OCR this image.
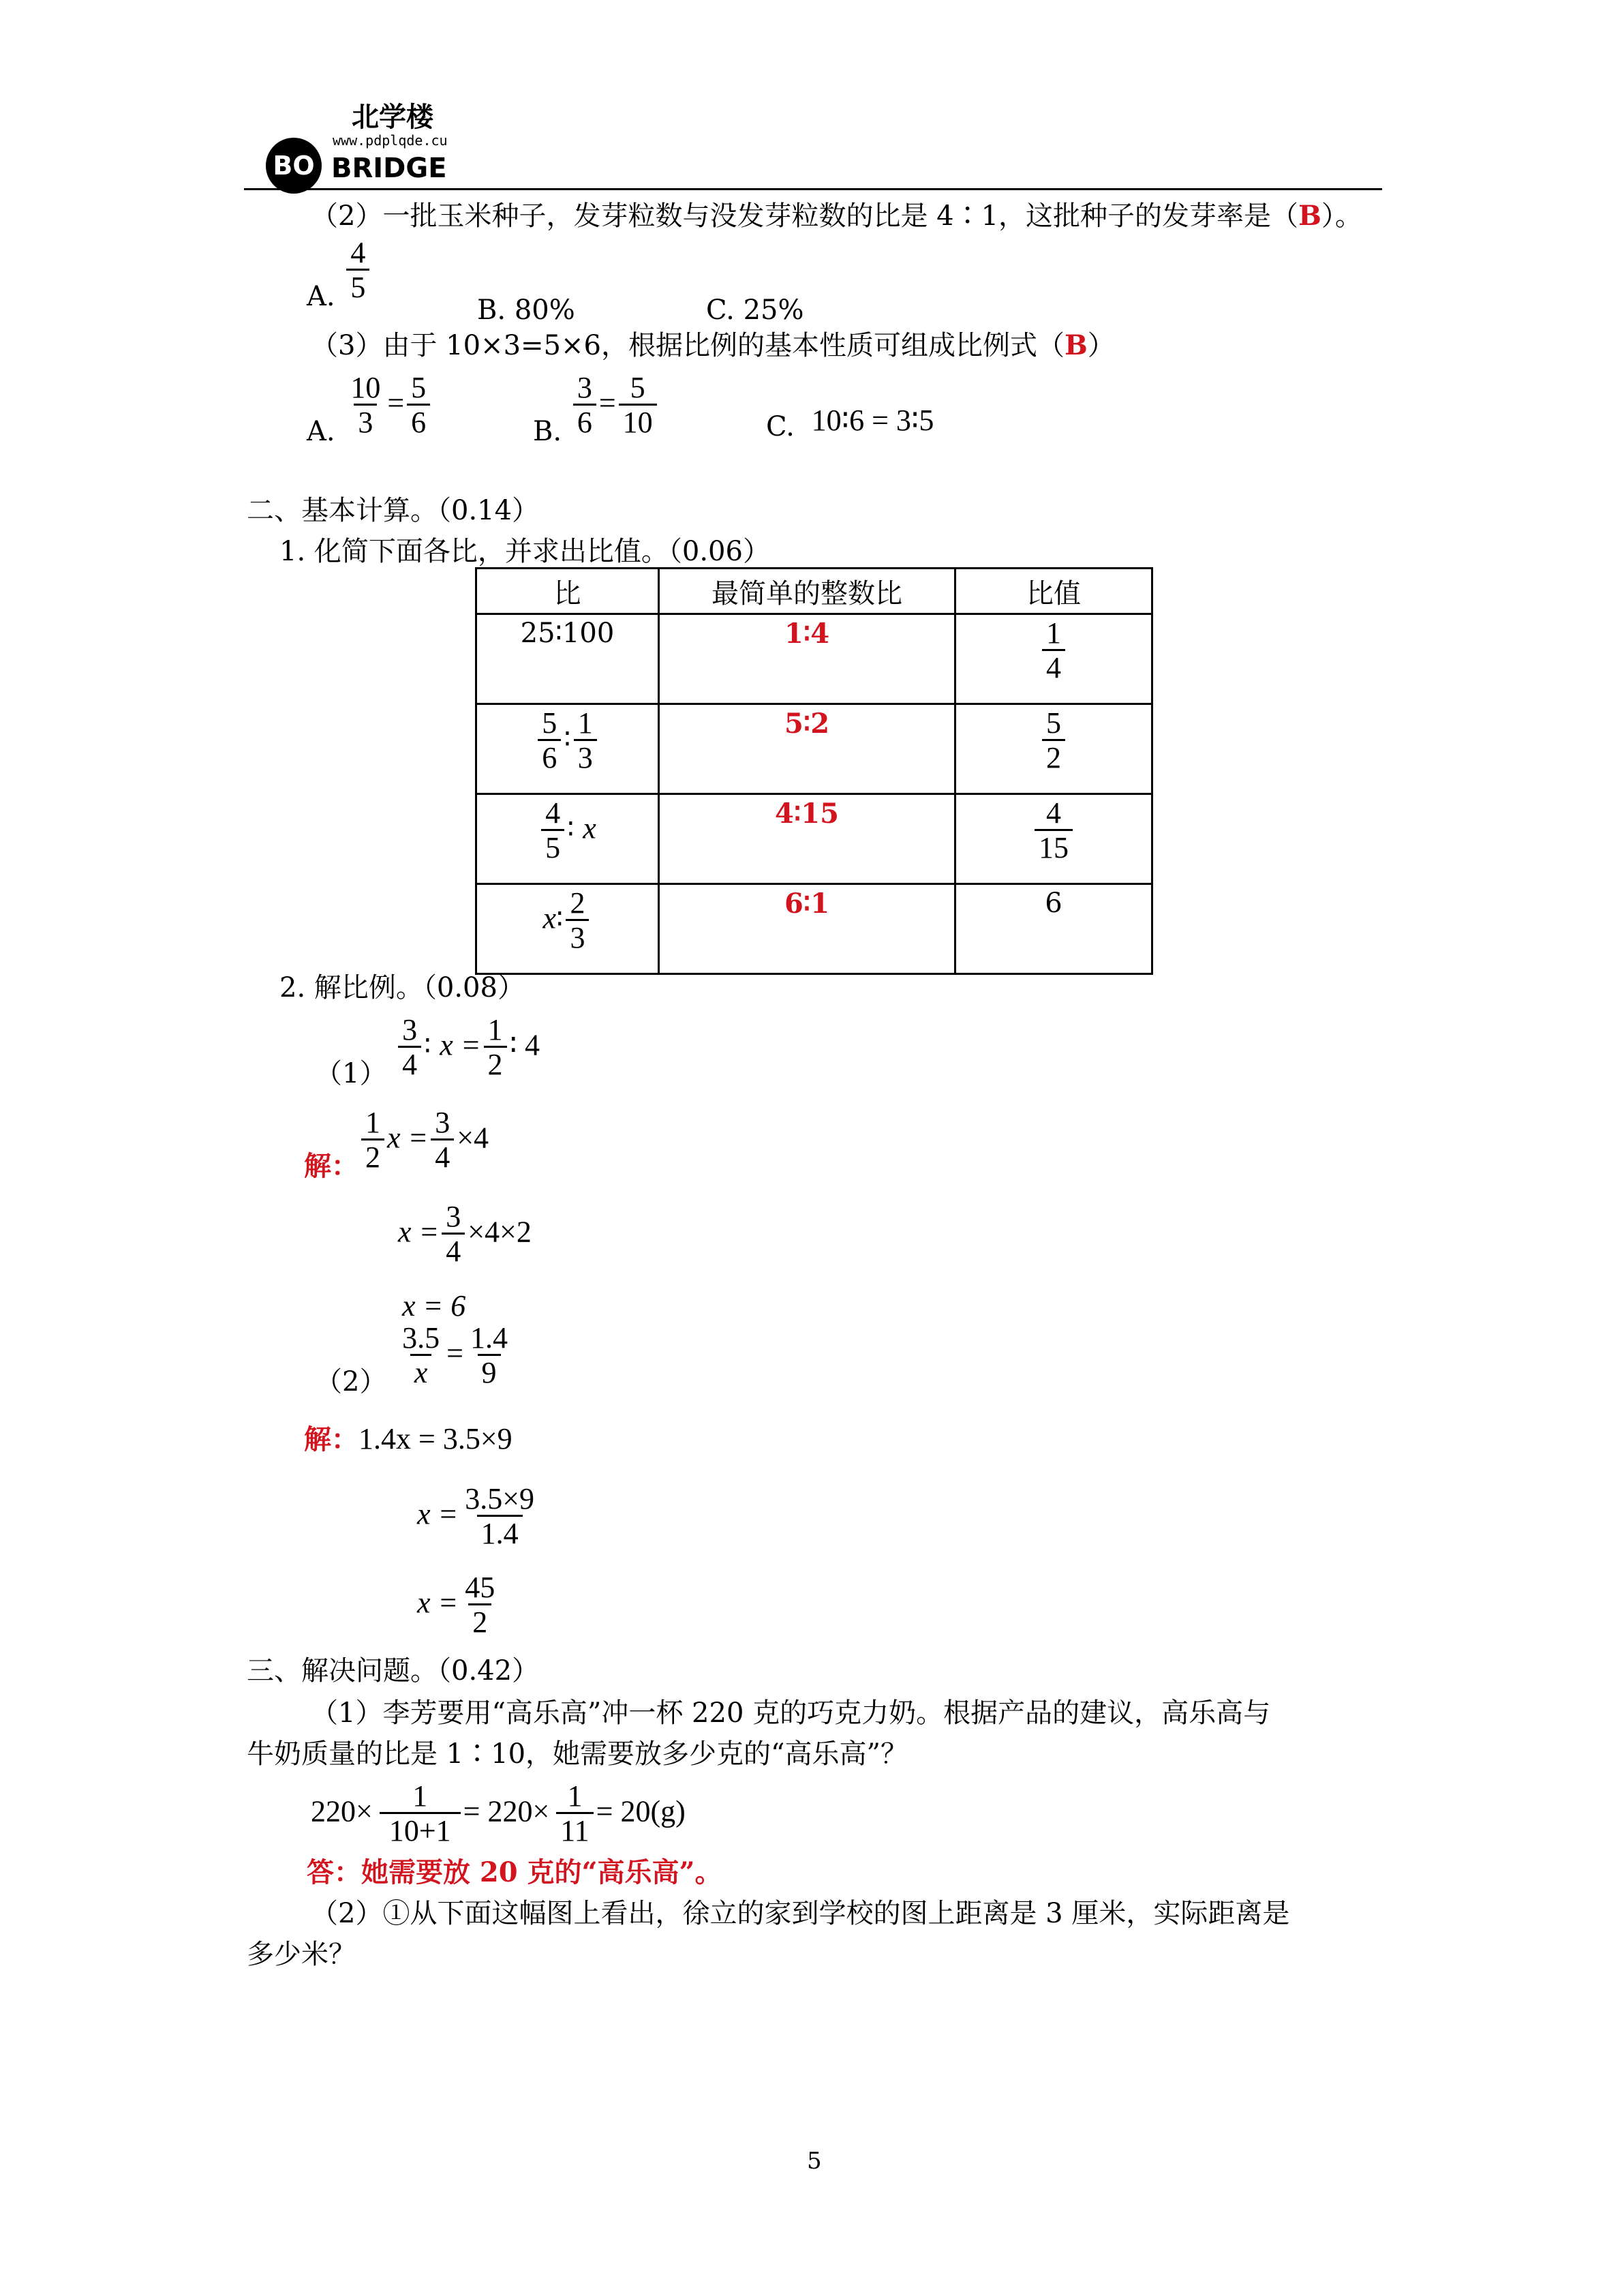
北学楼
www.pdplqde.cu
BO BRIDGE
（2）一批玉米种子，发芽粒数与没发芽粒数的比是 4∶1，这批种子的发芽率是（B）。
A. $\frac{4}{5}$
B. 80%	C. 25%
（3）由于 10×3=5×6，根据比例的基本性质可组成比例式（B）
A. $\frac{10}{3} = \frac{5}{6}$	B. $\frac{3}{6} = \frac{5}{10}$	C. 10∶6 = 3∶5
二、基本计算。（0.14）
1. 化简下面各比，并求出比值。（0.06）
比	最简单的整数比	比值
25∶100	1∶4	$\frac{1}{4}$

$\frac{5}{6}$ ∶ $\frac{1}{3}$	5∶2	$\frac{5}{2}$

$\frac{4}{5}$ ∶ x	4∶15	$\frac{4}{15}$

x∶ $\frac{2}{3}$	6∶1	6
2. 解比例。（0.08）
$(1) \frac{3}{4}$ ∶ $x = \frac{1}{2}$ ∶ 4
解： $\frac{1}{2}$ $x = \frac{3}{4} \times 4$
$x = \frac{3}{4} \times 4\times 2$
x = 6
$(2) \frac{3.5}{x} = \frac{1.4}{9}$
解：1.4x = 3.5×9
$x = \frac{3.5\times 9}{1.4}$
$x = \frac{45}{2}$
三、解决问题。（0.42）
（1）李芳要用“高乐高”冲一杯 220 克的巧克力奶。根据产品的建议，高乐高与
牛奶质量的比是 1∶10，她需要放多少克的“高乐高”？
$220\times \frac{1}{10+1} = 220\times \frac{1}{11} = 20(g)$
答：她需要放 20 克的“高乐高”。
（2）①从下面这幅图上看出，徐立的家到学校的图上距离是 3 厘米，实际距离是
多少米？
5
